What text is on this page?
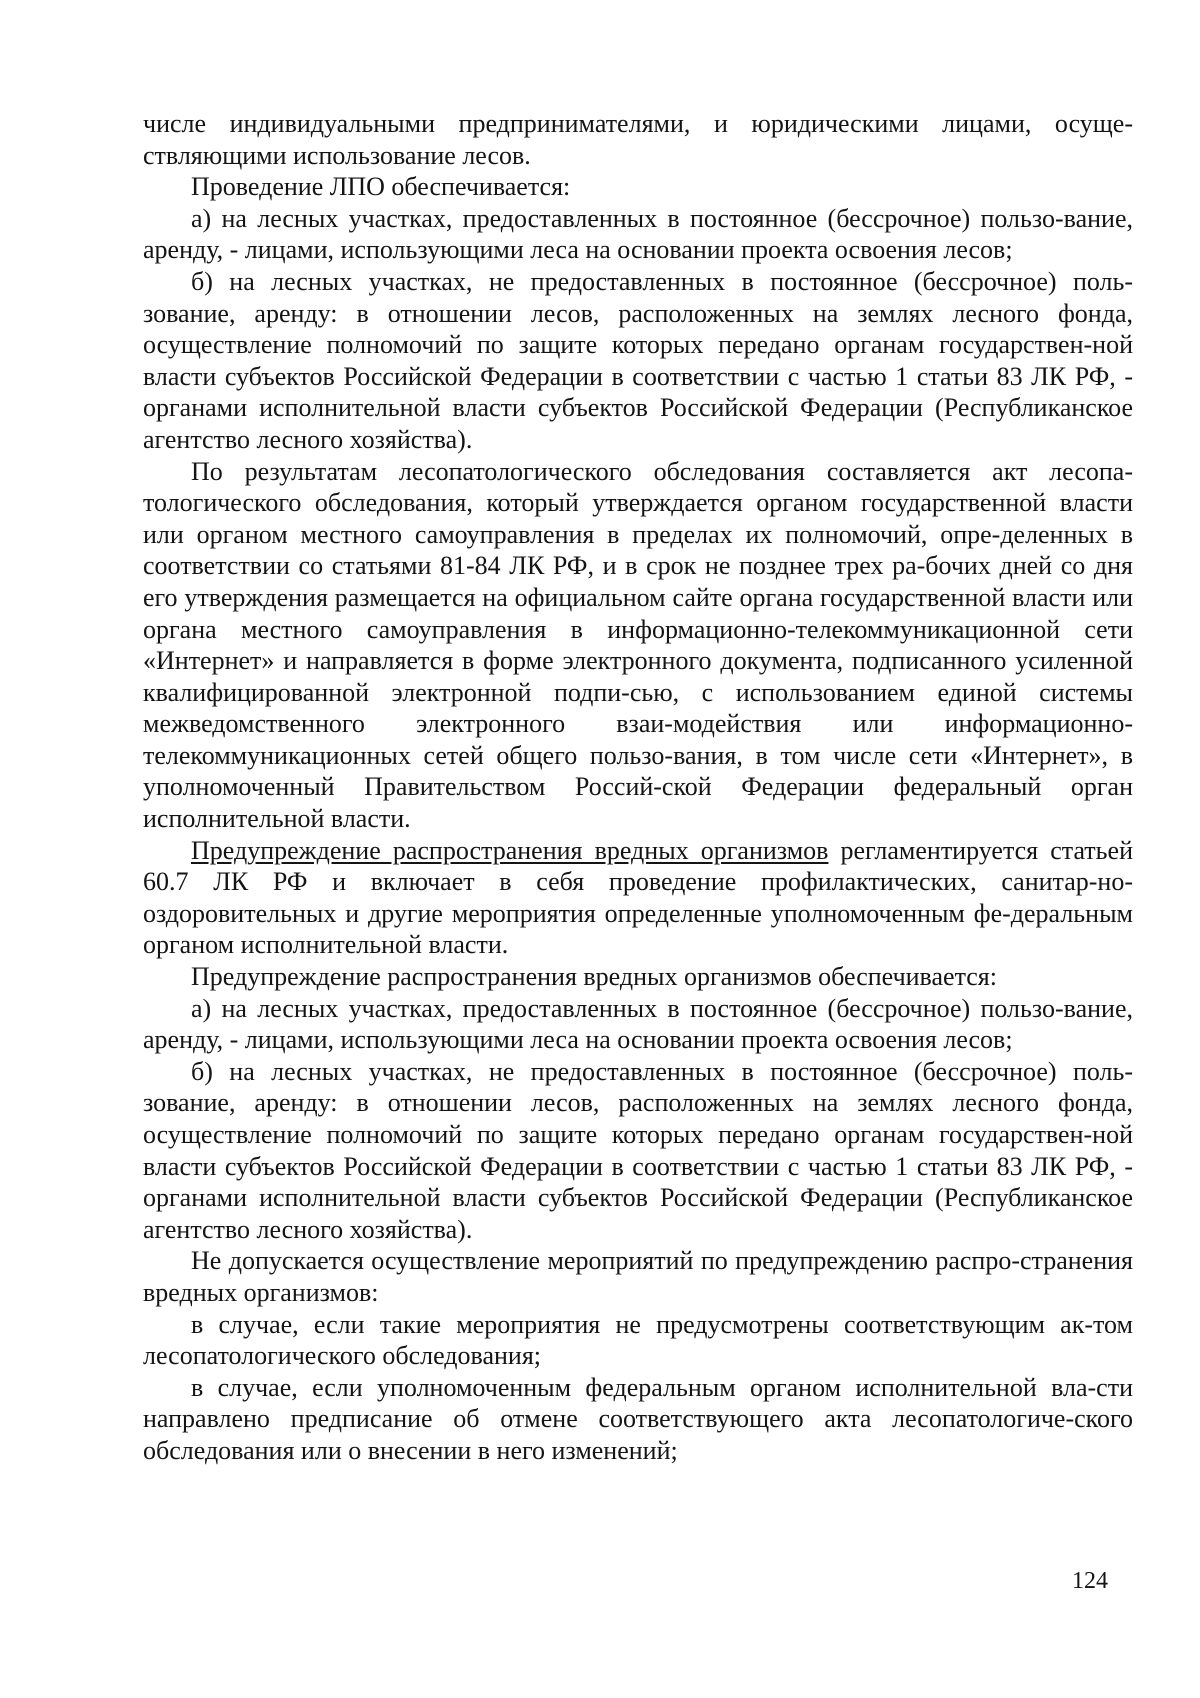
числе индивидуальными предпринимателями, и юридическими лицами, осуще-ствляющими использование лесов.

Проведение ЛПО обеспечивается:

а) на лесных участках, предоставленных в постоянное (бессрочное) пользо-вание, аренду, - лицами, использующими леса на основании проекта освоения лесов;

б) на лесных участках, не предоставленных в постоянное (бессрочное) поль-зование, аренду: в отношении лесов, расположенных на землях лесного фонда, осуществление полномочий по защите которых передано органам государствен-ной власти субъектов Российской Федерации в соответствии с частью 1 статьи 83 ЛК РФ, - органами исполнительной власти субъектов Российской Федерации (Республиканское агентство лесного хозяйства).

По результатам лесопатологического обследования составляется акт лесопа-тологического обследования, который утверждается органом государственной власти или органом местного самоуправления в пределах их полномочий, опре-деленных в соответствии со статьями 81-84 ЛК РФ, и в срок не позднее трех ра-бочих дней со дня его утверждения размещается на официальном сайте органа государственной власти или органа местного самоуправления в информационно-телекоммуникационной сети «Интернет» и направляется в форме электронного документа, подписанного усиленной квалифицированной электронной подпи-сью, с использованием единой системы межведомственного электронного взаи-модействия или информационно-телекоммуникационных сетей общего пользо-вания, в том числе сети «Интернет», в уполномоченный Правительством Россий-ской Федерации федеральный орган исполнительной власти.

Предупреждение распространения вредных организмов регламентируется статьей 60.7 ЛК РФ и включает в себя проведение профилактических, санитар-но-оздоровительных и другие мероприятия определенные уполномоченным фе-деральным органом исполнительной власти.

Предупреждение распространения вредных организмов обеспечивается:

а) на лесных участках, предоставленных в постоянное (бессрочное) пользо-вание, аренду, - лицами, использующими леса на основании проекта освоения лесов;

б) на лесных участках, не предоставленных в постоянное (бессрочное) поль-зование, аренду: в отношении лесов, расположенных на землях лесного фонда, осуществление полномочий по защите которых передано органам государствен-ной власти субъектов Российской Федерации в соответствии с частью 1 статьи 83 ЛК РФ, - органами исполнительной власти субъектов Российской Федерации (Республиканское агентство лесного хозяйства).

Не допускается осуществление мероприятий по предупреждению распро-странения вредных организмов:

в случае, если такие мероприятия не предусмотрены соответствующим ак-том лесопатологического обследования;

в случае, если уполномоченным федеральным органом исполнительной вла-сти направлено предписание об отмене соответствующего акта лесопатологиче-ского обследования или о внесении в него изменений;

124
